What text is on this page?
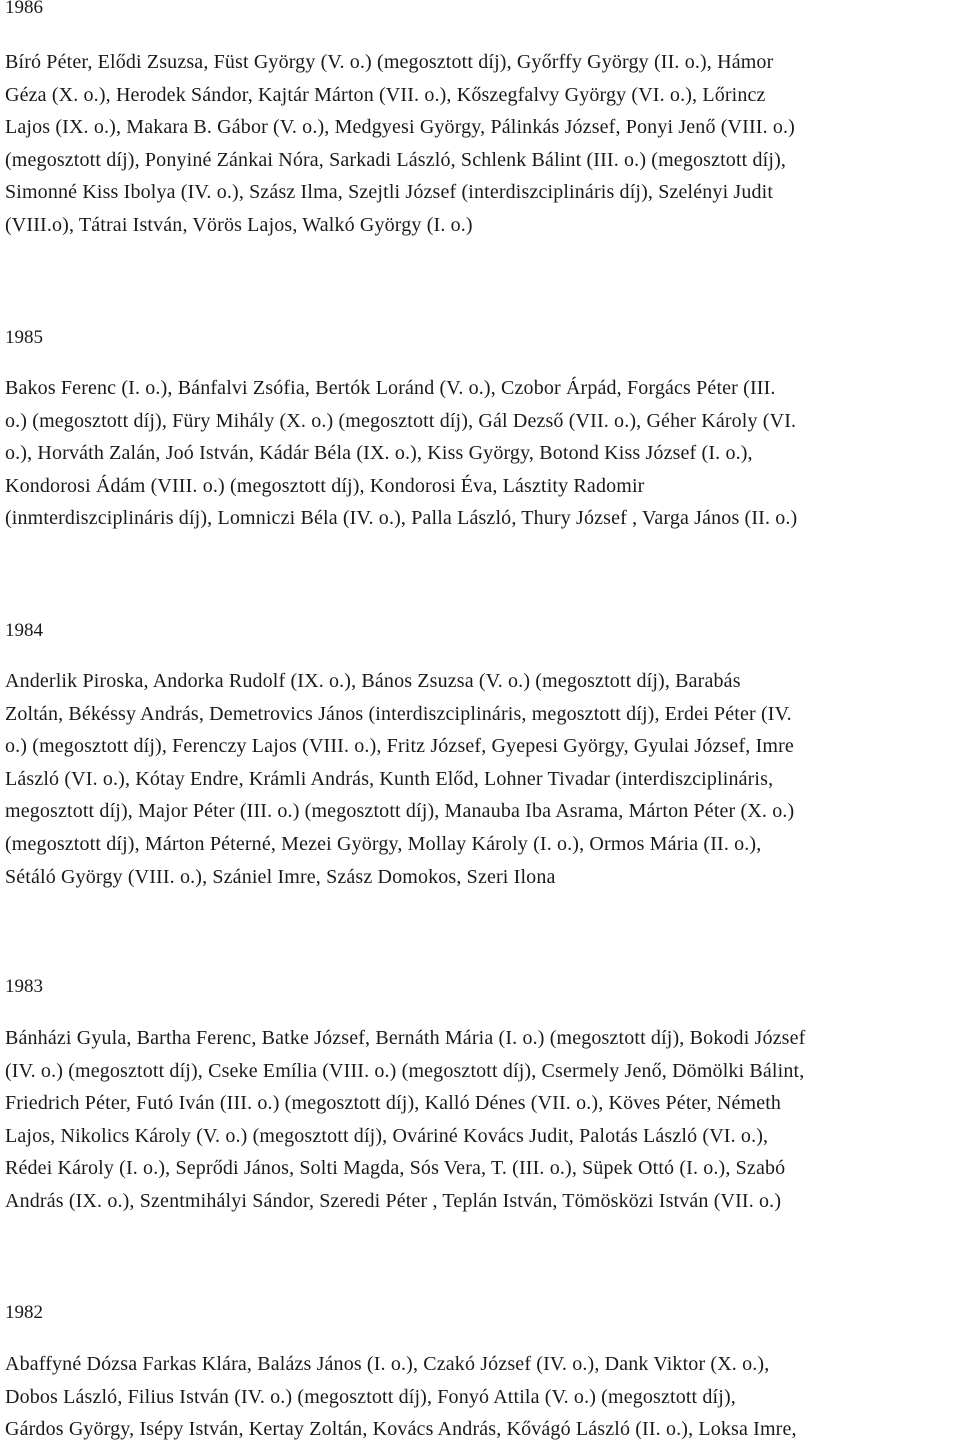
1986
Bíró Péter, Elődi Zsuzsa, Füst György (V. o.) (megosztott díj), Győrffy György (II. o.), Hámor
Géza (X. o.), Herodek Sándor, Kajtár Márton (VII. o.), Kőszegfalvy György (VI. o.), Lőrincz
Lajos (IX. o.), Makara B. Gábor (V. o.), Medgyesi György, Pálinkás József, Ponyi Jenő (VIII. o.)
(megosztott díj), Ponyiné Zánkai Nóra, Sarkadi László, Schlenk Bálint (III. o.) (megosztott díj),
Simonné Kiss Ibolya (IV. o.), Szász Ilma, Szejtli József (interdiszciplináris díj), Szelényi Judit
(VIII.o), Tátrai István, Vörös Lajos, Walkó György (I. o.)
1985
Bakos Ferenc (I. o.), Bánfalvi Zsófia, Bertók Loránd (V. o.), Czobor Árpád, Forgács Péter (III.
o.) (megosztott díj), Füry Mihály (X. o.) (megosztott díj), Gál Dezső (VII. o.), Géher Károly (VI.
o.), Horváth Zalán, Joó István, Kádár Béla (IX. o.), Kiss György, Botond Kiss József (I. o.),
Kondorosi Ádám (VIII. o.) (megosztott díj), Kondorosi Éva, Lásztity Radomir
(inmterdiszciplináris díj), Lomniczi Béla (IV. o.), Palla László, Thury József , Varga János (II. o.)
1984
Anderlik Piroska, Andorka Rudolf (IX. o.), Bános Zsuzsa (V. o.) (megosztott díj), Barabás
Zoltán, Békéssy András, Demetrovics János (interdiszciplináris, megosztott díj), Erdei Péter (IV.
o.) (megosztott díj), Ferenczy Lajos (VIII. o.), Fritz József, Gyepesi György, Gyulai József, Imre
László (VI. o.), Kótay Endre, Krámli András, Kunth Előd, Lohner Tivadar (interdiszciplináris,
megosztott díj), Major Péter (III. o.) (megosztott díj), Manauba Iba Asrama, Márton Péter (X. o.)
(megosztott díj), Márton Péterné, Mezei György, Mollay Károly (I. o.), Ormos Mária (II. o.),
Sétáló György (VIII. o.), Szániel Imre, Szász Domokos, Szeri Ilona
1983
Bánházi Gyula, Bartha Ferenc, Batke József, Bernáth Mária (I. o.) (megosztott díj), Bokodi József
(IV. o.) (megosztott díj), Cseke Emília (VIII. o.) (megosztott díj), Csermely Jenő, Dömölki Bálint,
Friedrich Péter, Futó Iván (III. o.) (megosztott díj), Kalló Dénes (VII. o.), Köves Péter, Németh
Lajos, Nikolics Károly (V. o.) (megosztott díj), Ováriné Kovács Judit, Palotás László (VI. o.),
Rédei Károly (I. o.), Seprődi János, Solti Magda, Sós Vera, T. (III. o.), Süpek Ottó (I. o.), Szabó
András (IX. o.), Szentmihályi Sándor, Szeredi Péter , Teplán István, Tömösközi István (VII. o.)
1982
Abaffyné Dózsa Farkas Klára, Balázs János (I. o.), Czakó József (IV. o.), Dank Viktor (X. o.),
Dobos László, Filius István (IV. o.) (megosztott díj), Fonyó Attila (V. o.) (megosztott díj),
Gárdos György, Isépy István, Kertay Zoltán, Kovács András, Kővágó László (II. o.), Loksa Imre,
